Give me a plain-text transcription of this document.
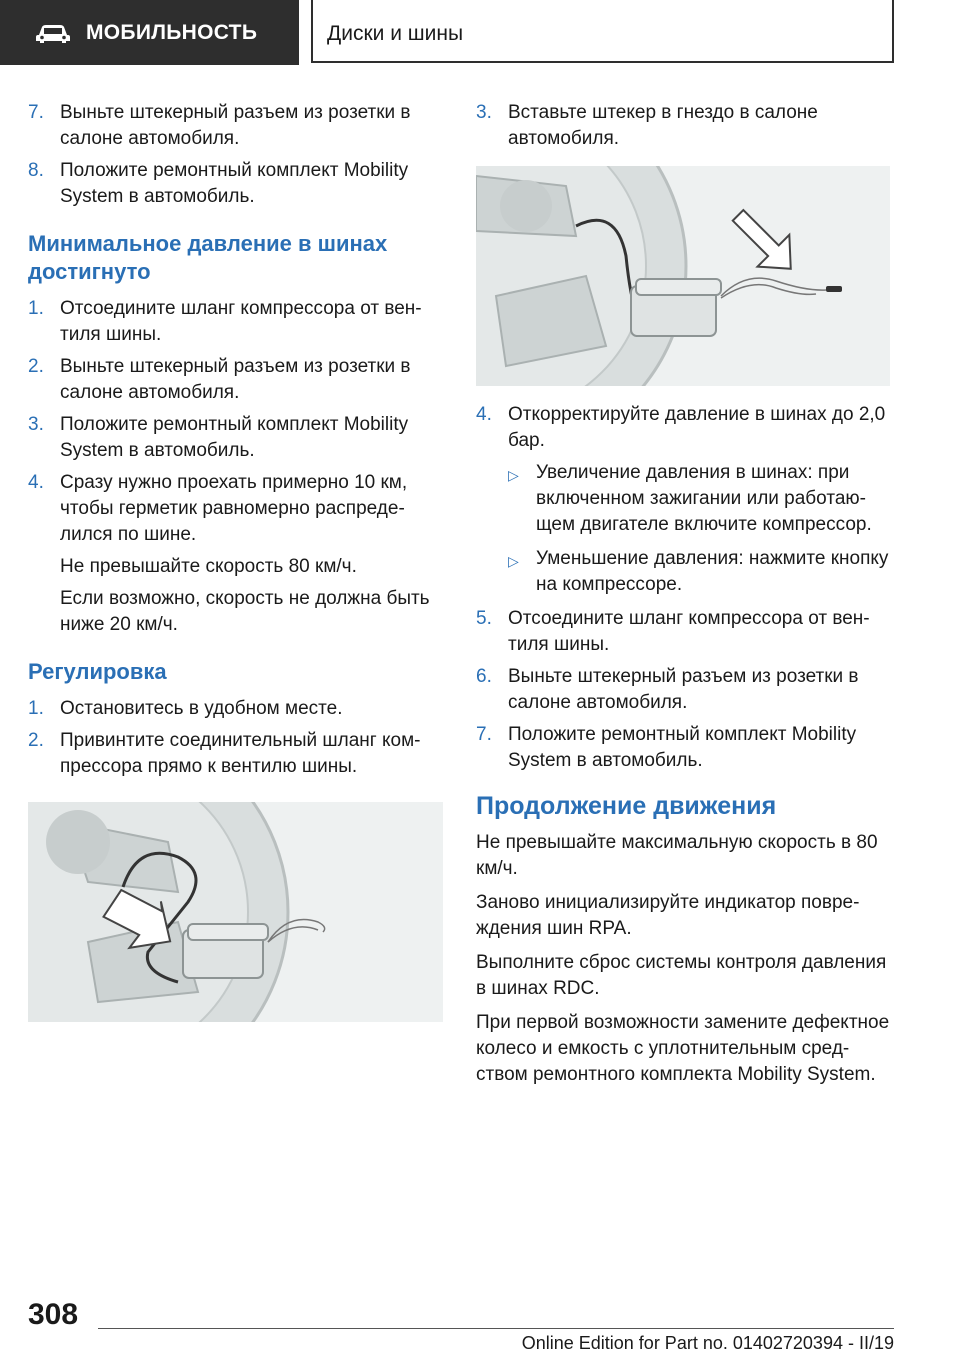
МОБИЛЬНОСТЬ	Диски и шины
7. Выньте штекерный разъем из розетки в салоне автомобиля.
8. Положите ремонтный комплект Mobility System в автомобиль.
Минимальное давление в шинах достигнуто
1. Отсоедините шланг компрессора от вен-тиля шины.
2. Выньте штекерный разъем из розетки в салоне автомобиля.
3. Положите ремонтный комплект Mobility System в автомобиль.
4. Сразу нужно проехать примерно 10 км, чтобы герметик равномерно распреде-лился по шине.
Не превышайте скорость 80 км/ч.
Если возможно, скорость не должна быть ниже 20 км/ч.
Регулировка
1. Остановитесь в удобном месте.
2. Привинтите соединительный шланг ком-прессора прямо к вентилю шины.
3. Вставьте штекер в гнездо в салоне автомобиля.
4. Откорректируйте давление в шинах до 2,0 бар.
▷ Увеличение давления в шинах: при включенном зажигании или работаю-щем двигателе включите компрессор.
▷ Уменьшение давления: нажмите кнопку на компрессоре.
5. Отсоедините шланг компрессора от вен-тиля шины.
6. Выньте штекерный разъем из розетки в салоне автомобиля.
7. Положите ремонтный комплект Mobility System в автомобиль.
Продолжение движения
Не превышайте максимальную скорость в 80 км/ч.
Заново инициализируйте индикатор повре-ждения шин RPA.
Выполните сброс системы контроля давления в шинах RDC.
При первой возможности замените дефектное колесо и емкость с уплотнительным сред-ством ремонтного комплекта Mobility System.
308
Online Edition for Part no. 01402720394 - II/19
